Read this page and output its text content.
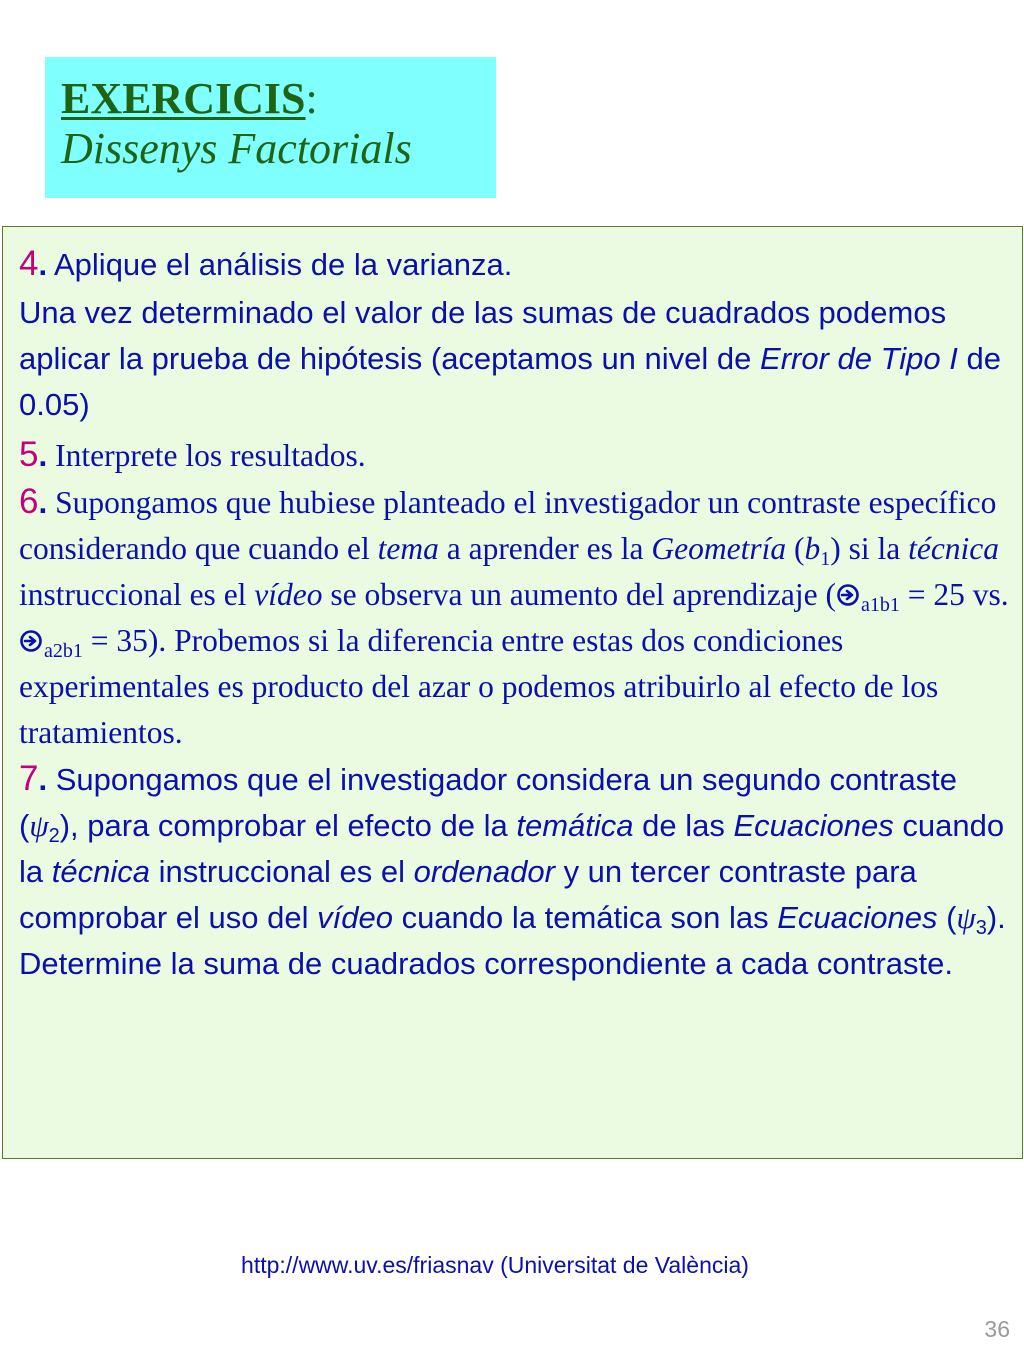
EXERCICIS:
Dissenys Factorials

4. Aplique el análisis de la varianza.

Una vez determinado el valor de las sumas de cuadrados podemos aplicar la prueba de hipótesis (aceptamos un nivel de Error de Tipo I de 0.05)

5. Interprete los resultados.

6. Supongamos que hubiese planteado el investigador un contraste específico considerando que cuando el tema a aprender es la Geometría $(b_1)$ si la técnica instruccional es el vídeo se observa un aumento del aprendizaje ( $_{a1b1}$ = 25 vs. $_{a2b1}$ = 35). Probemos si la diferencia entre estas dos condiciones experimentales es producto del azar o podemos atribuirlo al efecto de los tratamientos.

7. Supongamos que el investigador considera un segundo contraste $(\psi_2)$, para comprobar el efecto de la temática de las Ecuaciones cuando la técnica instruccional es el ordenador y un tercer contraste para comprobar el uso del vídeo cuando la temática son las Ecuaciones $(\psi_3)$. Determine la suma de cuadrados correspondiente a cada contraste.

http://www.uv.es/friasnav (Universitat de València)
36
